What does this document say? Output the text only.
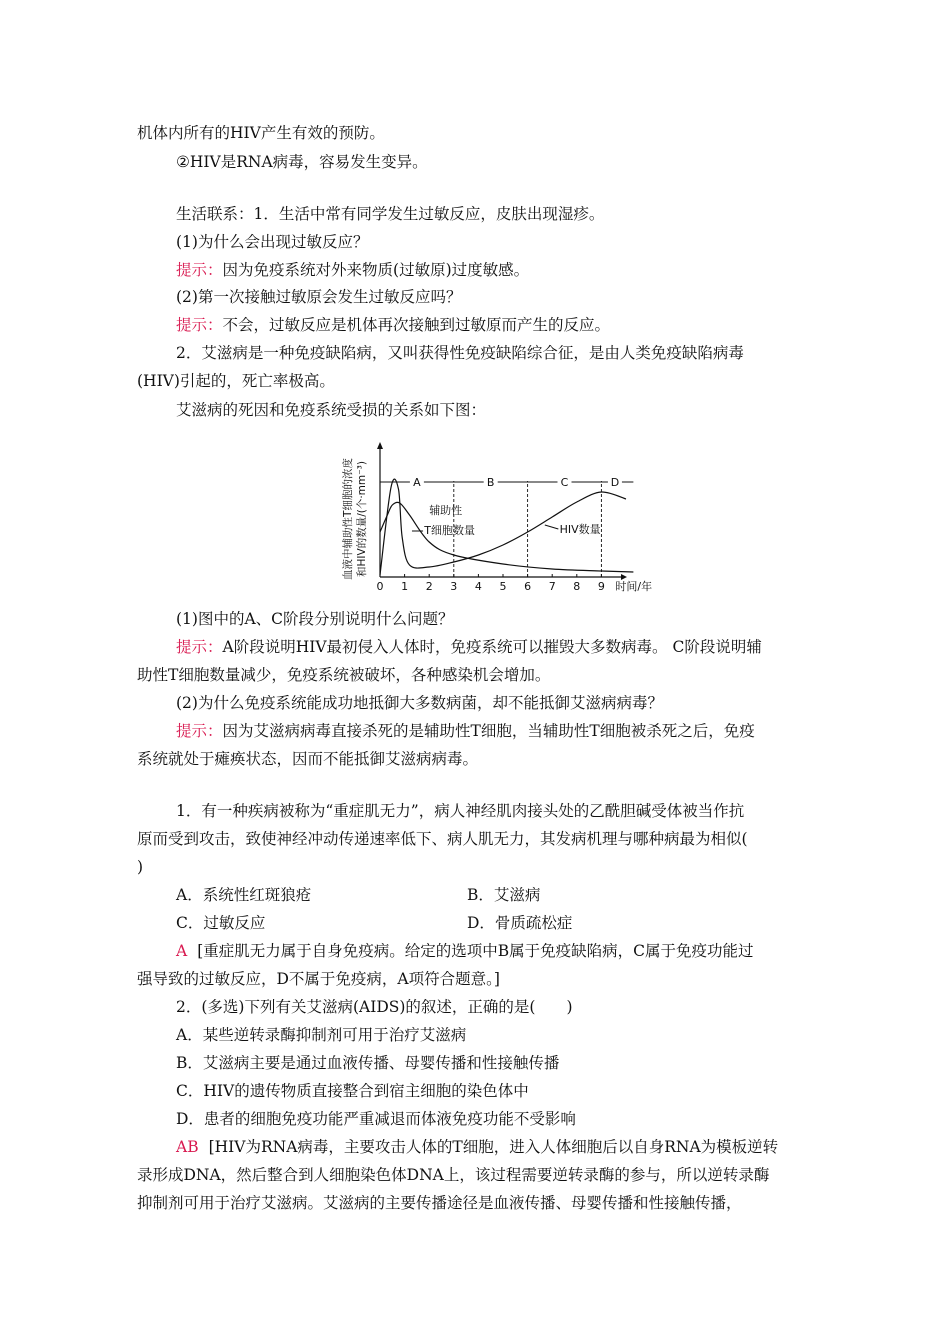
机体内所有的HIV产生有效的预防。
②HIV是RNA病毒，容易发生变异。
生活联系：1．生活中常有同学发生过敏反应，皮肤出现湿疹。
(1)为什么会出现过敏反应？
提示：因为免疫系统对外来物质(过敏原)过度敏感。
(2)第一次接触过敏原会发生过敏反应吗？
提示：不会，过敏反应是机体再次接触到过敏原而产生的反应。
2．艾滋病是一种免疫缺陷病，又叫获得性免疫缺陷综合征，是由人类免疫缺陷病毒
(HIV)引起的，死亡率极高。
艾滋病的死因和免疫系统受损的关系如下图：
0 1 2 3 4 5 6 7 8 9 时间/年
血液中辅助性T细胞的浓度 和HIV的数量/(个·mm⁻³)	A	B	C	D
辅助性
T细胞数量	HIV数量
(1)图中的A、C阶段分别说明什么问题？
提示：A阶段说明HIV最初侵入人体时，免疫系统可以摧毁大多数病毒。 C阶段说明辅
助性T细胞数量减少，免疫系统被破坏，各种感染机会增加。
(2)为什么免疫系统能成功地抵御大多数病菌，却不能抵御艾滋病病毒？
提示：因为艾滋病病毒直接杀死的是辅助性T细胞，当辅助性T细胞被杀死之后，免疫
系统就处于瘫痪状态，因而不能抵御艾滋病病毒。
1．有一种疾病被称为“重症肌无力”，病人神经肌肉接头处的乙酰胆碱受体被当作抗
原而受到攻击，致使神经冲动传递速率低下、病人肌无力，其发病机理与哪种病最为相似(
)
A．系统性红斑狼疮	B．艾滋病
C．过敏反应	D．骨质疏松症
A [重症肌无力属于自身免疫病。给定的选项中B属于免疫缺陷病，C属于免疫功能过
强导致的过敏反应，D不属于免疫病，A项符合题意。]
2．(多选)下列有关艾滋病(AIDS)的叙述，正确的是(　　)
A．某些逆转录酶抑制剂可用于治疗艾滋病
B．艾滋病主要是通过血液传播、母婴传播和性接触传播
C．HIV的遗传物质直接整合到宿主细胞的染色体中
D．患者的细胞免疫功能严重减退而体液免疫功能不受影响
AB [HIV为RNA病毒，主要攻击人体的T细胞，进入人体细胞后以自身RNA为模板逆转
录形成DNA，然后整合到人细胞染色体DNA上，该过程需要逆转录酶的参与，所以逆转录酶
抑制剂可用于治疗艾滋病。艾滋病的主要传播途径是血液传播、母婴传播和性接触传播，
